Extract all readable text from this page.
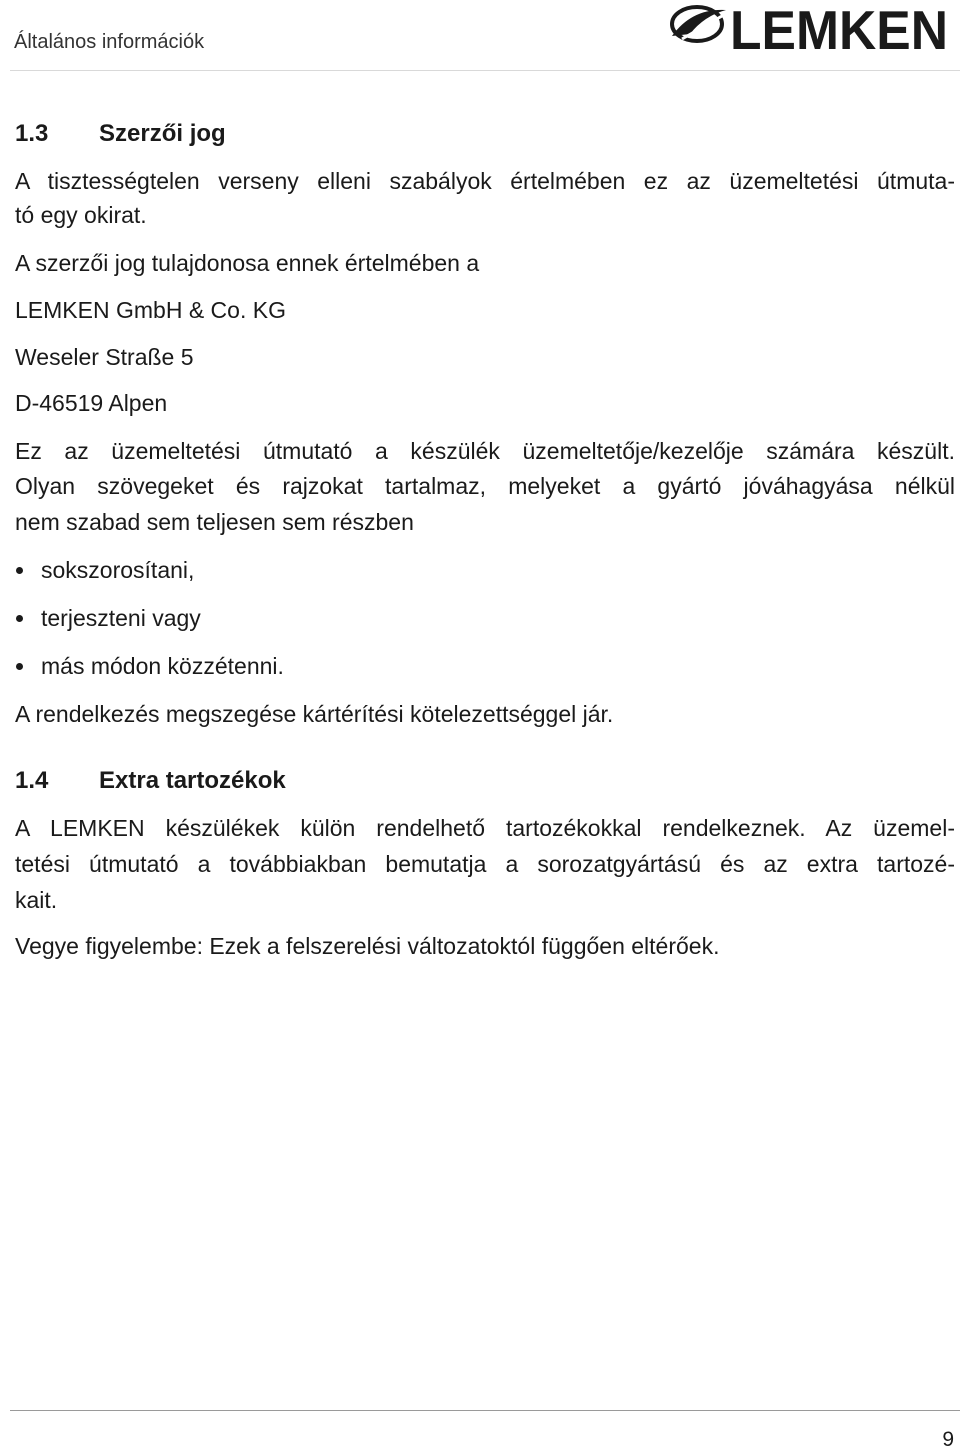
Általános információk	LEMKEN
1.3 Szerzői jog
A tisztességtelen verseny elleni szabályok értelmében ez az üzemeltetési útmuta-
tó egy okirat.
A szerzői jog tulajdonosa ennek értelmében a
LEMKEN GmbH & Co. KG
Weseler Straße 5
D-46519 Alpen
Ez az üzemeltetési útmutató a készülék üzemeltetője/kezelője számára készült.
Olyan szövegeket és rajzokat tartalmaz, melyeket a gyártó jóváhagyása nélkül
nem szabad sem teljesen sem részben
sokszorosítani,
terjeszteni vagy
más módon közzétenni.
A rendelkezés megszegése kártérítési kötelezettséggel jár.
1.4 Extra tartozékok
A LEMKEN készülékek külön rendelhető tartozékokkal rendelkeznek. Az üzemel-
tetési útmutató a továbbiakban bemutatja a sorozatgyártású és az extra tartozé-
kait.
Vegye figyelembe: Ezek a felszerelési változatoktól függően eltérőek.
9
